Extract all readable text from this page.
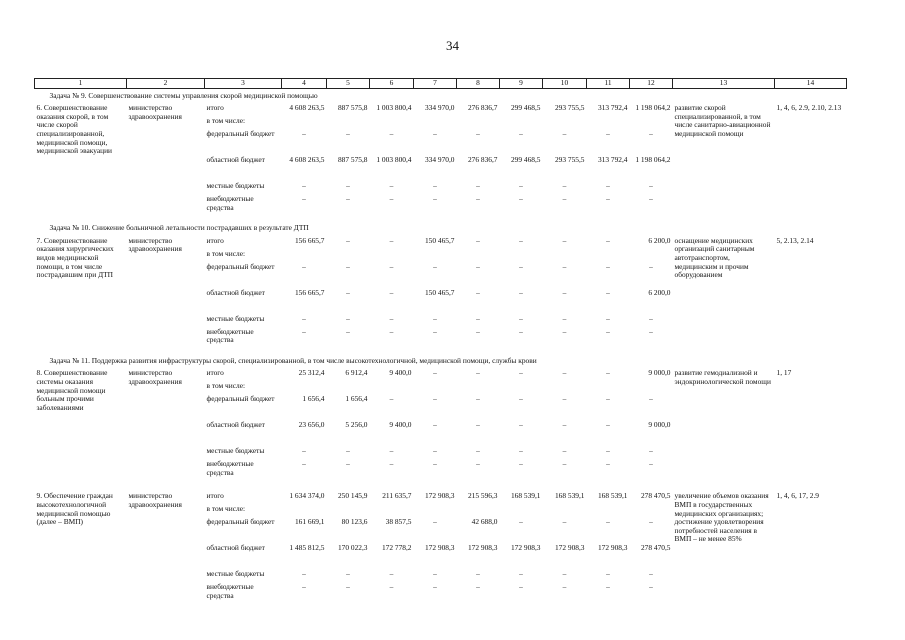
34
1	2	3	4	5	6	7	8	9	10	11	12	13	14
Задача № 9. Совершенствование системы управления скорой медицинской помощью													
6. Совершенствование оказания скорой, в том числе скорой специализированной, медицинской помощи, медицинской эвакуации	министерство здравоохранения	итого	4 608 263,5	887 575,8	1 003 800,4	334 970,0	276 836,7	299 468,5	293 755,5	313 792,4	1 198 064,2	развитие скорой специализированной, в том числе санитарно-авиационной медицинской помощи	1, 4, 6, 2.9, 2.10, 2.13
		в том числе:											
		федеральный бюджет	–	–	–	–	–	–	–	–	–		
		областной бюджет	4 608 263,5	887 575,8	1 003 800,4	334 970,0	276 836,7	299 468,5	293 755,5	313 792,4	1 198 064,2		
		местные бюджеты	–	–	–	–	–	–	–	–	–		
		внебюджетные средства	–	–	–	–	–	–	–	–	–		
Задача № 10. Снижение больничной летальности пострадавших в результате ДТП													
7. Совершенствование оказания хирургических видов медицинской помощи, в том числе пострадавшим при ДТП	министерство здравоохранения	итого	156 665,7	–	–	150 465,7	–	–	–	–	6 200,0	оснащение медицинских организаций санитарным автотранспортом, медицинским и прочим оборудованием	5, 2.13, 2.14
		в том числе:											
		федеральный бюджет	–	–	–	–	–	–	–	–	–		
		областной бюджет	156 665,7	–	–	150 465,7	–	–	–	–	6 200,0		
		местные бюджеты	–	–	–	–	–	–	–	–	–		
		внебюджетные средства	–	–	–	–	–	–	–	–	–		
Задача № 11. Поддержка развития инфраструктуры скорой, специализированной, в том числе высокотехнологичной, медицинской помощи, службы крови													
8. Совершенствование системы оказания медицинской помощи больным прочими заболеваниями	министерство здравоохранения	итого	25 312,4	6 912,4	9 400,0	–	–	–	–	–	9 000,0	развитие гемодиализной и эндокринологической помощи	1, 17
		в том числе:											
		федеральный бюджет	1 656,4	1 656,4	–	–	–	–	–	–	–		
		областной бюджет	23 656,0	5 256,0	9 400,0	–	–	–	–	–	9 000,0		
		местные бюджеты	–	–	–	–	–	–	–	–	–		
		внебюджетные средства	–	–	–	–	–	–	–	–	–		

9. Обеспечение граждан высокотехнологичной медицинской помощью (далее – ВМП)	министерство здравоохранения	итого	1 634 374,0	250 145,9	211 635,7	172 908,3	215 596,3	168 539,1	168 539,1	168 539,1	278 470,5	увеличение объемов оказания ВМП в государственных медицинских организациях; достижение удовлетворения потребностей населения в ВМП – не менее 85%	1, 4, 6, 17, 2.9
		в том числе:											
		федеральный бюджет	161 669,1	80 123,6	38 857,5	–	42 688,0	–	–	–	–		
		областной бюджет	1 485 812,5	170 022,3	172 778,2	172 908,3	172 908,3	172 908,3	172 908,3	172 908,3	278 470,5		
		местные бюджеты	–	–	–	–	–	–	–	–	–		
		внебюджетные средства	–	–	–	–	–	–	–	–	–		
